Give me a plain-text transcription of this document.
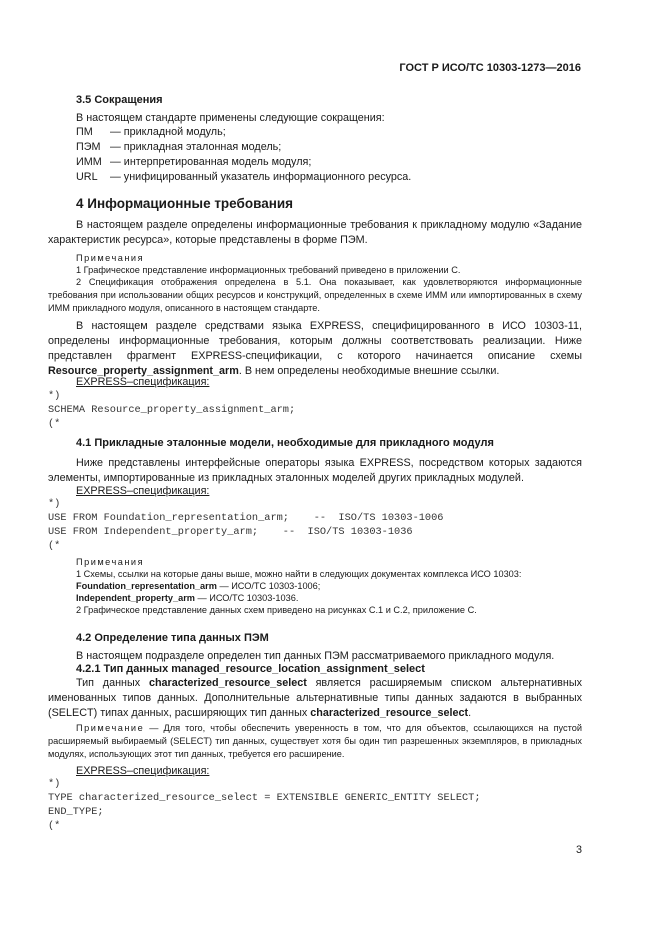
ГОСТ Р ИСО/ТС 10303-1273—2016
3.5 Сокращения
В настоящем стандарте применены следующие сокращения:
ПМ	— прикладной модуль;
ПЭМ — прикладная эталонная модель;
ИММ — интерпретированная модель модуля;
URL	— унифицированный указатель информационного ресурса.
4 Информационные требования
В настоящем разделе определены информационные требования к прикладному модулю «Задание характеристик ресурса», которые представлены в форме ПЭМ.
Примечания
1 Графическое представление информационных требований приведено в приложении С.
2 Спецификация отображения определена в 5.1. Она показывает, как удовлетворяются информационные требования при использовании общих ресурсов и конструкций, определенных в схеме ИММ или импортированных в схему ИММ прикладного модуля, описанного в настоящем стандарте.
В настоящем разделе средствами языка EXPRESS, специфицированного в ИСО 10303-11, определены информационные требования, которым должны соответствовать реализации. Ниже представлен фрагмент EXPRESS-спецификации, с которого начинается описание схемы Resource_property_assignment_arm. В нем определены необходимые внешние ссылки.
EXPRESS–спецификация:
*)
SCHEMA Resource_property_assignment_arm;
(*
4.1 Прикладные эталонные модели, необходимые для прикладного модуля
Ниже представлены интерфейсные операторы языка EXPRESS, посредством которых задаются элементы, импортированные из прикладных эталонных моделей других прикладных модулей.
EXPRESS–спецификация:
*)
USE FROM Foundation_representation_arm;    --  ISO/TS 10303-1006
USE FROM Independent_property_arm;    --  ISO/TS 10303-1036
(*
Примечания
1 Схемы, ссылки на которые даны выше, можно найти в следующих документах комплекса ИСО 10303:
Foundation_representation_arm — ИСО/ТС 10303-1006;
Independent_property_arm — ИСО/ТС 10303-1036.
2 Графическое представление данных схем приведено на рисунках С.1 и С.2, приложение С.
4.2 Определение типа данных ПЭМ
В настоящем подразделе определен тип данных ПЭМ рассматриваемого прикладного модуля.
4.2.1 Тип данных managed_resource_location_assignment_select
Тип данных characterized_resource_select является расширяемым списком альтернативных именованных типов данных. Дополнительные альтернативные типы данных задаются в выбранных (SELECT) типах данных, расширяющих тип данных characterized_resource_select.
Примечание — Для того, чтобы обеспечить уверенность в том, что для объектов, ссылающихся на пустой расширяемый выбираемый (SELECT) тип данных, существует хотя бы один тип разрешенных экземпляров, в прикладных модулях, использующих этот тип данных, требуется его расширение.
EXPRESS–спецификация:
*)
TYPE characterized_resource_select = EXTENSIBLE GENERIC_ENTITY SELECT;
END_TYPE;
(*
3
